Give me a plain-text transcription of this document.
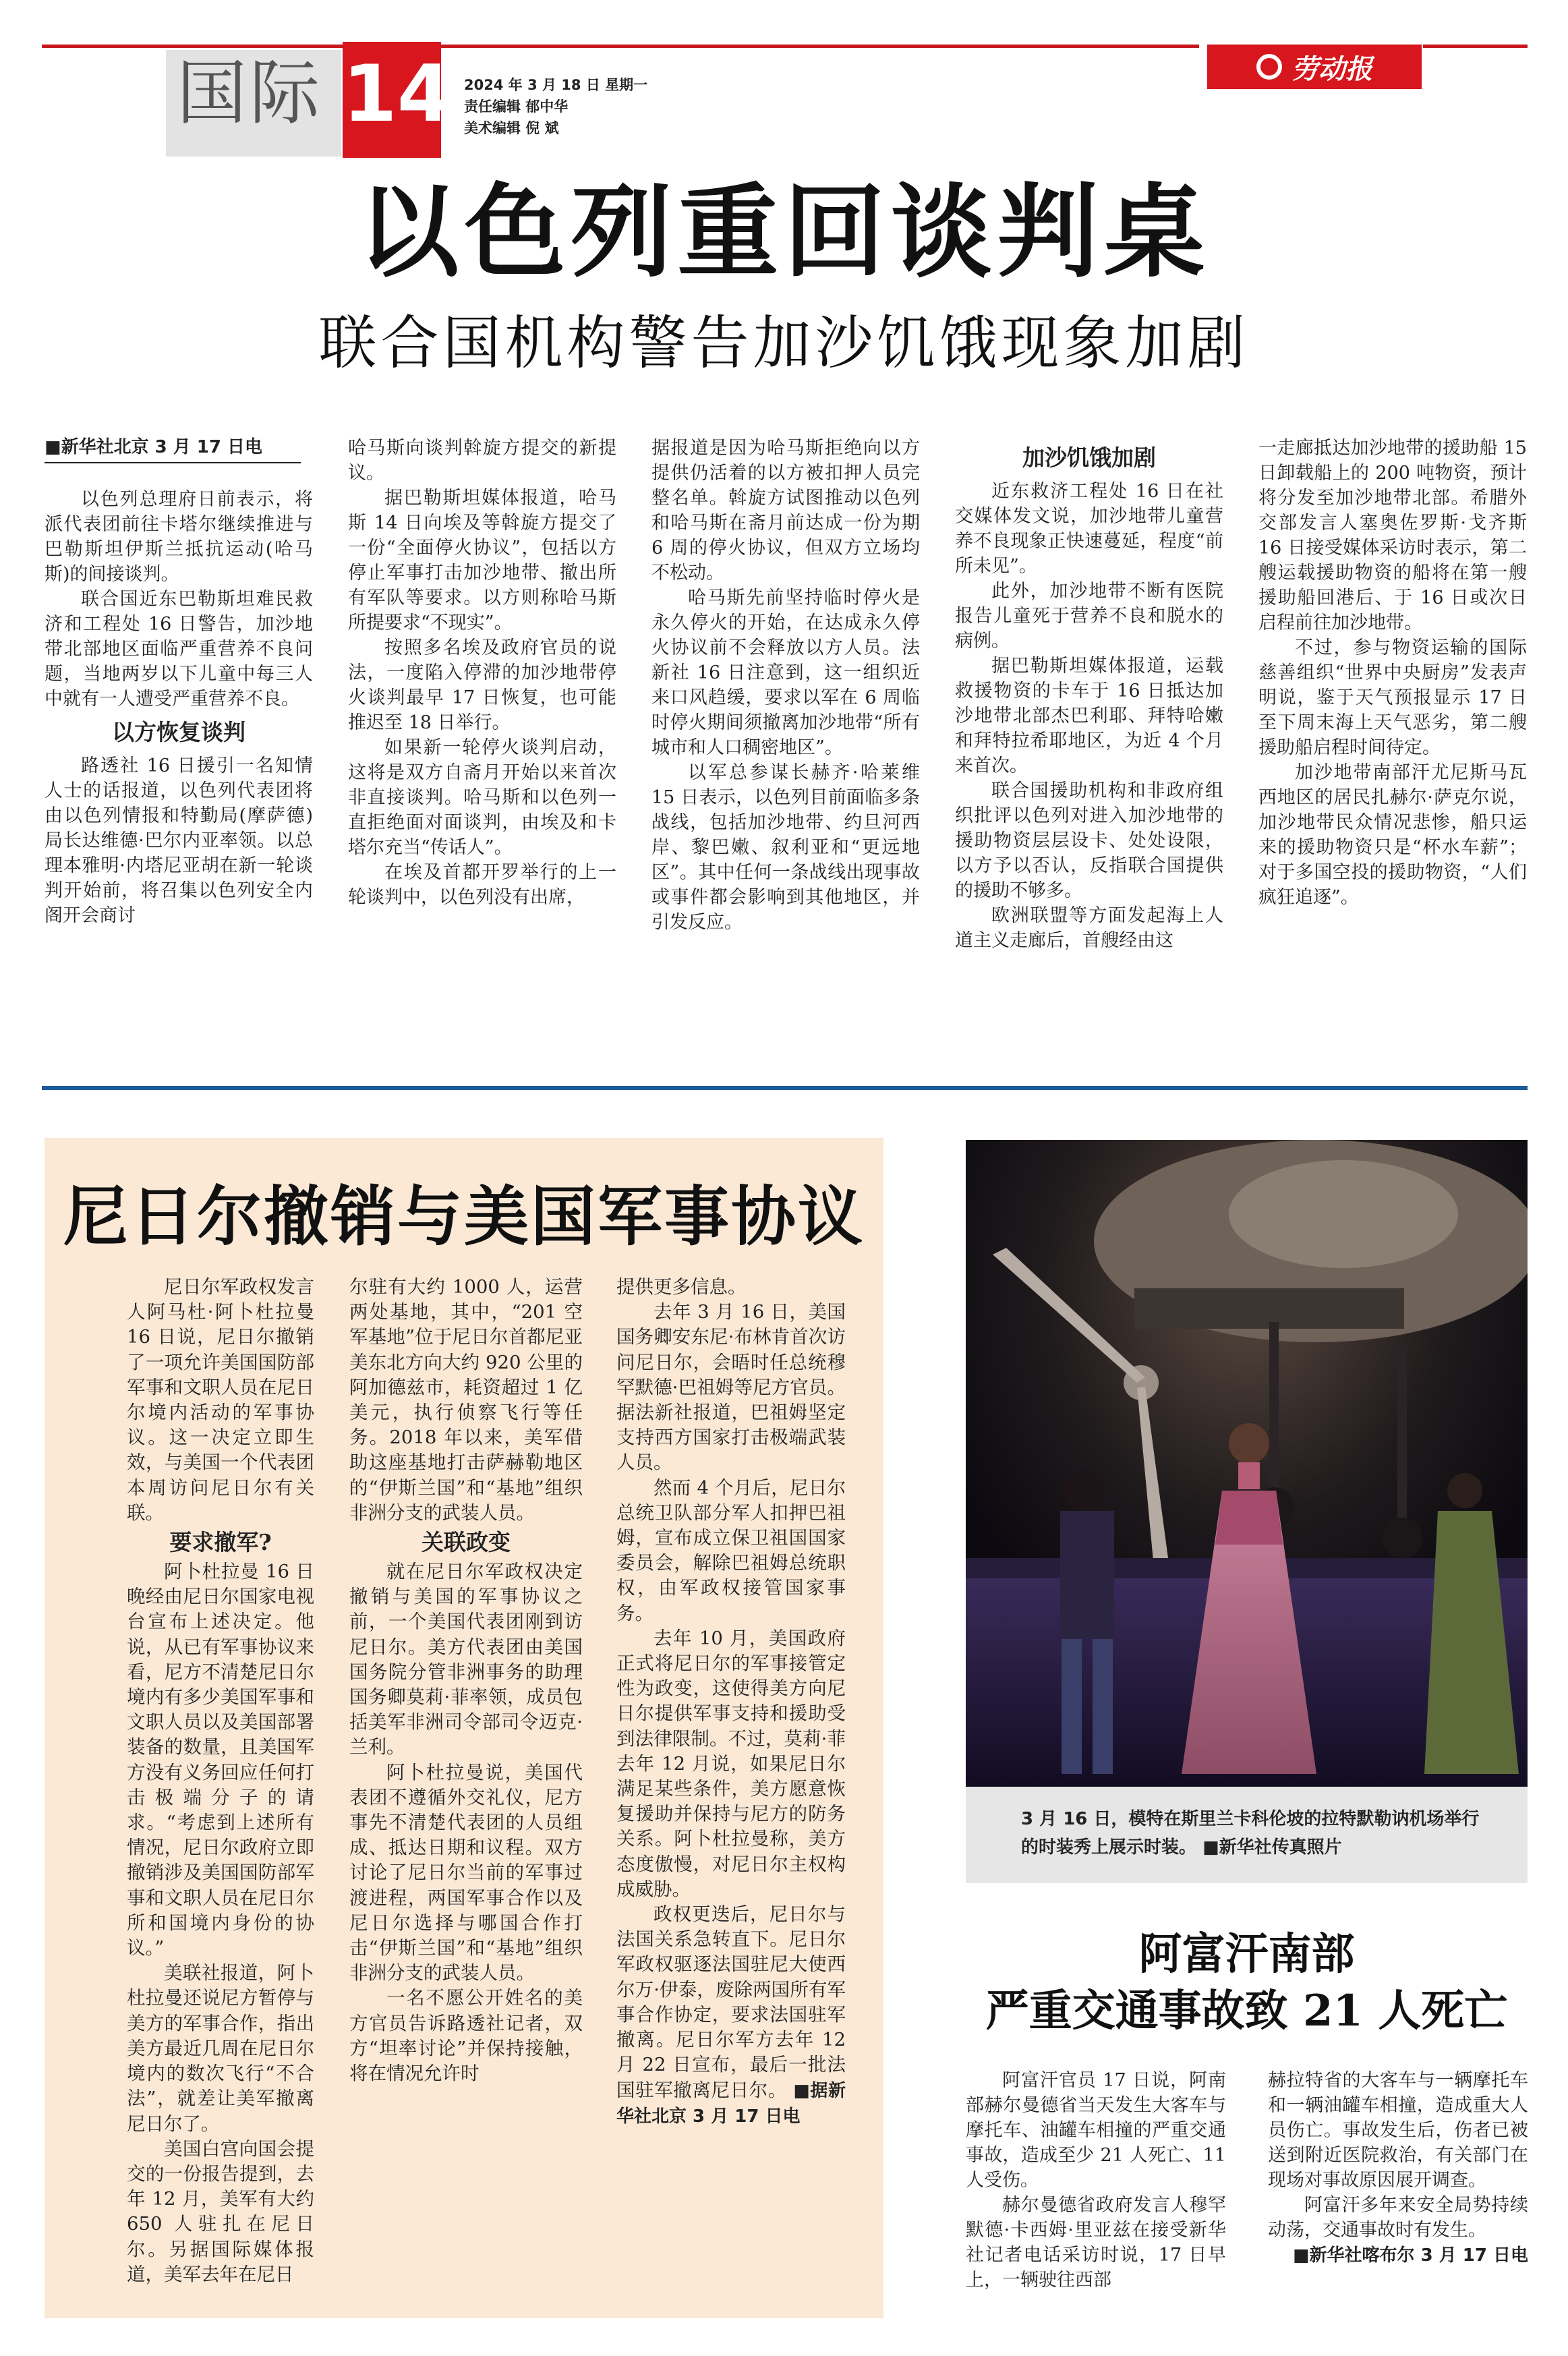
国际 14 2024 年 3 月 18 日 星期一
责任编辑 郁中华
美术编辑 倪 斌
劳动报
以色列重回谈判桌
联合国机构警告加沙饥饿现象加剧
■新华社北京 3 月 17 日电

以色列总理府日前表示，将派代表团前往卡塔尔继续推进与巴勒斯坦伊斯兰抵抗运动(哈马斯)的间接谈判。

联合国近东巴勒斯坦难民救济和工程处 16 日警告，加沙地带北部地区面临严重营养不良问题，当地两岁以下儿童中每三人中就有一人遭受严重营养不良。

以方恢复谈判

路透社 16 日援引一名知情人士的话报道，以色列代表团将由以色列情报和特勤局(摩萨德)局长达维德·巴尔内亚率领。以总理本雅明·内塔尼亚胡在新一轮谈判开始前，将召集以色列安全内阁开会商讨

哈马斯向谈判斡旋方提交的新提议。

据巴勒斯坦媒体报道，哈马斯 14 日向埃及等斡旋方提交了一份“全面停火协议”，包括以方停止军事打击加沙地带、撤出所有军队等要求。以方则称哈马斯所提要求“不现实”。

按照多名埃及政府官员的说法，一度陷入停滞的加沙地带停火谈判最早 17 日恢复，也可能推迟至 18 日举行。

如果新一轮停火谈判启动，这将是双方自斋月开始以来首次非直接谈判。哈马斯和以色列一直拒绝面对面谈判，由埃及和卡塔尔充当“传话人”。

在埃及首都开罗举行的上一轮谈判中，以色列没有出席，

据报道是因为哈马斯拒绝向以方提供仍活着的以方被扣押人员完整名单。斡旋方试图推动以色列和哈马斯在斋月前达成一份为期 6 周的停火协议，但双方立场均不松动。

哈马斯先前坚持临时停火是永久停火的开始，在达成永久停火协议前不会释放以方人员。法新社 16 日注意到，这一组织近来口风趋缓，要求以军在 6 周临时停火期间须撤离加沙地带“所有城市和人口稠密地区”。

以军总参谋长赫齐·哈莱维 15 日表示，以色列目前面临多条战线，包括加沙地带、约旦河西岸、黎巴嫩、叙利亚和“更远地区”。其中任何一条战线出现事故或事件都会影响到其他地区，并引发反应。

加沙饥饿加剧

近东救济工程处 16 日在社交媒体发文说，加沙地带儿童营养不良现象正快速蔓延，程度“前所未见”。

此外，加沙地带不断有医院报告儿童死于营养不良和脱水的病例。

据巴勒斯坦媒体报道，运载救援物资的卡车于 16 日抵达加沙地带北部杰巴利耶、拜特哈嫩和拜特拉希耶地区，为近 4 个月来首次。

联合国援助机构和非政府组织批评以色列对进入加沙地带的援助物资层层设卡、处处设限，以方予以否认，反指联合国提供的援助不够多。

欧洲联盟等方面发起海上人道主义走廊后，首艘经由这

一走廊抵达加沙地带的援助船 15 日卸载船上的 200 吨物资，预计将分发至加沙地带北部。希腊外交部发言人塞奥佐罗斯·戈齐斯 16 日接受媒体采访时表示，第二艘运载援助物资的船将在第一艘援助船回港后、于 16 日或次日启程前往加沙地带。

不过，参与物资运输的国际慈善组织“世界中央厨房”发表声明说，鉴于天气预报显示 17 日至下周末海上天气恶劣，第二艘援助船启程时间待定。

加沙地带南部汗尤尼斯马瓦西地区的居民扎赫尔·萨克尔说，加沙地带民众情况悲惨，船只运来的援助物资只是“杯水车薪”；对于多国空投的援助物资，“人们疯狂追逐”。

尼日尔撤销与美国军事协议

尼日尔军政权发言人阿马杜·阿卜杜拉曼 16 日说，尼日尔撤销了一项允许美国国防部军事和文职人员在尼日尔境内活动的军事协议。这一决定立即生效，与美国一个代表团本周访问尼日尔有关联。

要求撤军?

阿卜杜拉曼 16 日晚经由尼日尔国家电视台宣布上述决定。他说，从已有军事协议来看，尼方不清楚尼日尔境内有多少美国军事和文职人员以及美国部署装备的数量，且美国军方没有义务回应任何打击极端分子的请求。“考虑到上述所有情况，尼日尔政府立即撤销涉及美国国防部军事和文职人员在尼日尔所和国境内身份的协议。”

美联社报道，阿卜杜拉曼还说尼方暂停与美方的军事合作，指出美方最近几周在尼日尔境内的数次飞行“不合法”，就差让美军撤离尼日尔了。

美国白宫向国会提交的一份报告提到，去年 12 月，美军有大约 650 人驻扎在尼日尔。另据国际媒体报道，美军去年在尼日

尔驻有大约 1000 人，运营两处基地，其中，“201 空军基地”位于尼日尔首都尼亚美东北方向大约 920 公里的阿加德兹市，耗资超过 1 亿美元，执行侦察飞行等任务。2018 年以来，美军借助这座基地打击萨赫勒地区的“伊斯兰国”和“基地”组织非洲分支的武装人员。

关联政变

就在尼日尔军政权决定撤销与美国的军事协议之前，一个美国代表团刚到访尼日尔。美方代表团由美国国务院分管非洲事务的助理国务卿莫莉·菲率领，成员包括美军非洲司令部司令迈克·兰利。

阿卜杜拉曼说，美国代表团不遵循外交礼仪，尼方事先不清楚代表团的人员组成、抵达日期和议程。双方讨论了尼日尔当前的军事过渡进程，两国军事合作以及尼日尔选择与哪国合作打击“伊斯兰国”和“基地”组织非洲分支的武装人员。

一名不愿公开姓名的美方官员告诉路透社记者，双方“坦率讨论”并保持接触，将在情况允许时

提供更多信息。

去年 3 月 16 日，美国国务卿安东尼·布林肯首次访问尼日尔，会晤时任总统穆罕默德·巴祖姆等尼方官员。据法新社报道，巴祖姆坚定支持西方国家打击极端武装人员。

然而 4 个月后，尼日尔总统卫队部分军人扣押巴祖姆，宣布成立保卫祖国国家委员会，解除巴祖姆总统职权，由军政权接管国家事务。

去年 10 月，美国政府正式将尼日尔的军事接管定性为政变，这使得美方向尼日尔提供军事支持和援助受到法律限制。不过，莫莉·菲去年 12 月说，如果尼日尔满足某些条件，美方愿意恢复援助并保持与尼方的防务关系。阿卜杜拉曼称，美方态度傲慢，对尼日尔主权构成威胁。

政权更迭后，尼日尔与法国关系急转直下。尼日尔军政权驱逐法国驻尼大使西尔万·伊泰，废除两国所有军事合作协定，要求法国驻军撤离。尼日尔军方去年 12 月 22 日宣布，最后一批法国驻军撤离尼日尔。 ■据新华社北京 3 月 17 日电

3 月 16 日，模特在斯里兰卡科伦坡的拉特默勒讷机场举行的时装秀上展示时装。 ■新华社传真照片
阿富汗南部
严重交通事故致 21 人死亡

阿富汗官员 17 日说，阿南部赫尔曼德省当天发生大客车与摩托车、油罐车相撞的严重交通事故，造成至少 21 人死亡、11 人受伤。

赫尔曼德省政府发言人穆罕默德·卡西姆·里亚兹在接受新华社记者电话采访时说，17 日早上，一辆驶往西部

赫拉特省的大客车与一辆摩托车和一辆油罐车相撞，造成重大人员伤亡。事故发生后，伤者已被送到附近医院救治，有关部门在现场对事故原因展开调查。

阿富汗多年来安全局势持续动荡，交通事故时有发生。

■新华社喀布尔 3 月 17 日电
